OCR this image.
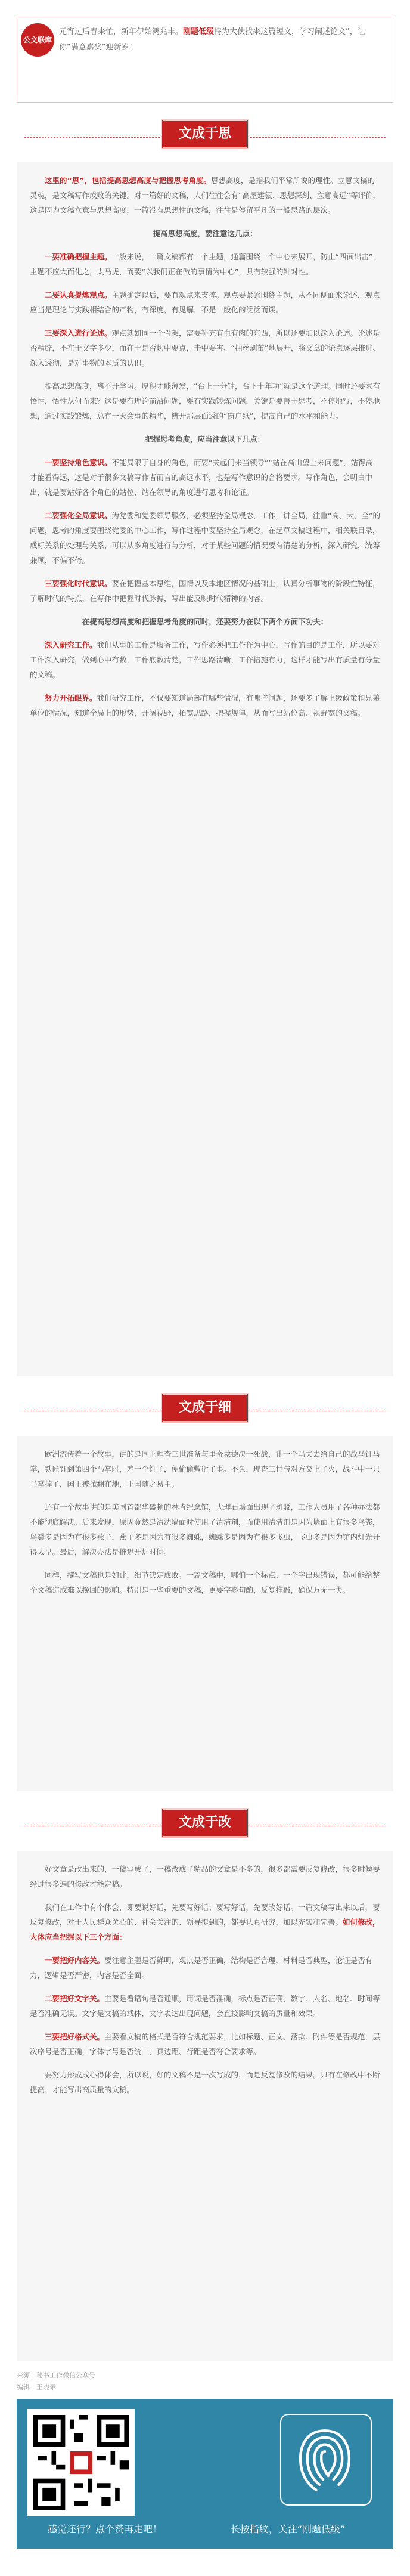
公文联库
元宵过后春来忙，新年伊始鸿兆丰。刚题低级特为大伙找来这篇短文，学习阐述论文”，让你“满意嘉奖”迎新岁！
文成于思

这里的“思”，包括提高思想高度与把握思考角度。思想高度，是指我们平常所说的理性。立意文稿的灵魂，是文稿写作成败的关键。对一篇好的文稿，人们往往会有“高屋建瓴、思想深刻、立意高远”等评价，这是因为文稿立意与思想高度，一篇没有思想性的文稿，往往是停留平凡的一般思路的层次。

提高思想高度，要注意这几点：

一要准确把握主题。一般来说，一篇文稿都有一个主题，通篇围绕一个中心来展开，防止“四面出击”，主题不应大而化之，太马虎，而要“以我们正在做的事情为中心”，具有较强的针对性。

二要认真提炼观点。主题确定以后，要有观点来支撑。观点要紧紧围绕主题，从不同侧面来论述，观点应当是理论与实践相结合的产物，有深度，有见解，不是一般化的泛泛而谈。

三要深入进行论述。观点就如同一个骨架，需要补充有血有肉的东西，所以还要加以深入论述。论述是否精辟，不在于文字多少，而在于是否切中要点，击中要害、“抽丝剥茧”地展开，将文章的论点逐层推进、深入透彻，是对事物的本质的认识。

提高思想高度，离不开学习。厚积才能薄发，“台上一分钟，台下十年功”就是这个道理。同时还要求有悟性，悟性从何而来？这是要有理论前沿问题，要有实践锻炼问题，关键是要善于思考，不停地写，不停地想，通过实践锻炼，总有一天会事的精华，辨开那层面透的“窗户纸”，提高自己的水平和能力。

把握思考角度，应当注意以下几点：

一要坚持角色意识。不能局限于自身的角色，而要“关起门来当领导”“站在高山望上来问题”，站得高才能看得远，这是对于很多文稿写作者而言的高远水平，也是写作意识的合格要求。写作角色，会明白中出，就是要站好各个角色的站位，站在领导的角度进行思考和论证。

二要强化全局意识。为党委和党委领导服务，必须坚持全局观念，工作，讲全局，注重“高、大、全”的问题，思考的角度要围绕党委的中心工作，写作过程中要坚持全局观念，在起草文稿过程中，相关联目录，成标关系的处理与关系，可以从多角度进行与分析，对于某些问题的情况要有清楚的分析，深入研究，统筹兼顾，不偏不倚。

三要强化时代意识。要在把握基本思维，国情以及本地区情况的基础上，认真分析事物的阶段性特征，了解时代的特点，在写作中把握时代脉搏，写出能反映时代精神的内容。

在提高思想高度和把握思考角度的同时，还要努力在以下两个方面下功夫：

深入研究工作。我们从事的工作是服务工作，写作必须把工作作为中心，写作的目的是工作，所以要对工作深入研究，做到心中有数，工作底数清楚，工作思路清晰，工作措施有力，这样才能写出有质量有分量的文稿。

努力开拓眼界。我们研究工作，不仅要知道局部有哪些情况，有哪些问题，还要多了解上级政策和兄弟单位的情况，知道全局上的形势，开阔视野，拓宽思路，把握规律，从而写出站位高、视野宽的文稿。

文成于细

欧洲流传着一个故事，讲的是国王理查三世准备与里奇蒙德决一死战，让一个马夫去给自己的战马钉马掌，铁匠钉到第四个马掌时，差一个钉子，便偷偷敷衍了事。不久，理查三世与对方交上了火，战斗中一只马掌掉了，国王被掀翻在地，王国随之易主。

还有一个故事讲的是美国首都华盛顿的林肯纪念馆，大理石墙面出现了斑驳，工作人员用了各种办法都不能彻底解决。后来发现，原因竟然是清洗墙面时使用了清洁剂，而使用清洁剂是因为墙面上有很多鸟粪，鸟粪多是因为有很多燕子，燕子多是因为有很多蜘蛛，蜘蛛多是因为有很多飞虫，飞虫多是因为馆内灯光开得太早。最后，解决办法是推迟开灯时间。

同样，撰写文稿也是如此，细节决定成败。一篇文稿中，哪怕一个标点、一个字出现错误，都可能给整个文稿造成难以挽回的影响。特别是一些重要的文稿，更要字斟句酌，反复推敲，确保万无一失。

文成于改

好文章是改出来的，一稿写成了，一稿改成了精品的文章是不多的，很多都需要反复修改，很多时候要经过很多遍的修改才能定稿。

我们在工作中有个体会，即要说好话，先要写好话；要写好话，先要改好话。一篇文稿写出来以后，要反复修改，对于人民群众关心的、社会关注的、领导提到的，都要认真研究，加以充实和完善。如何修改，大体应当把握以下三个方面：

一要把好内容关。要注意主题是否鲜明，观点是否正确，结构是否合理，材料是否典型，论证是否有力，逻辑是否严密，内容是否全面。

二要把好文字关。主要是看语句是否通顺，用词是否准确，标点是否正确，数字、人名、地名、时间等是否准确无误。文字是文稿的载体，文字表达出现问题，会直接影响文稿的质量和效果。

三要把好格式关。主要看文稿的格式是否符合规范要求，比如标题、正文、落款、附件等是否规范，层次序号是否正确，字体字号是否统一，页边距、行距是否符合要求等。

要努力形成成心得体会，所以说，好的文稿不是一次写成的，而是反复修改的结果。只有在修改中不断提高，才能写出高质量的文稿。

来源｜秘书工作微信公众号
编辑｜王晓录
感觉还行？点个赞再走吧！	长按指纹，关注“刚题低级”
